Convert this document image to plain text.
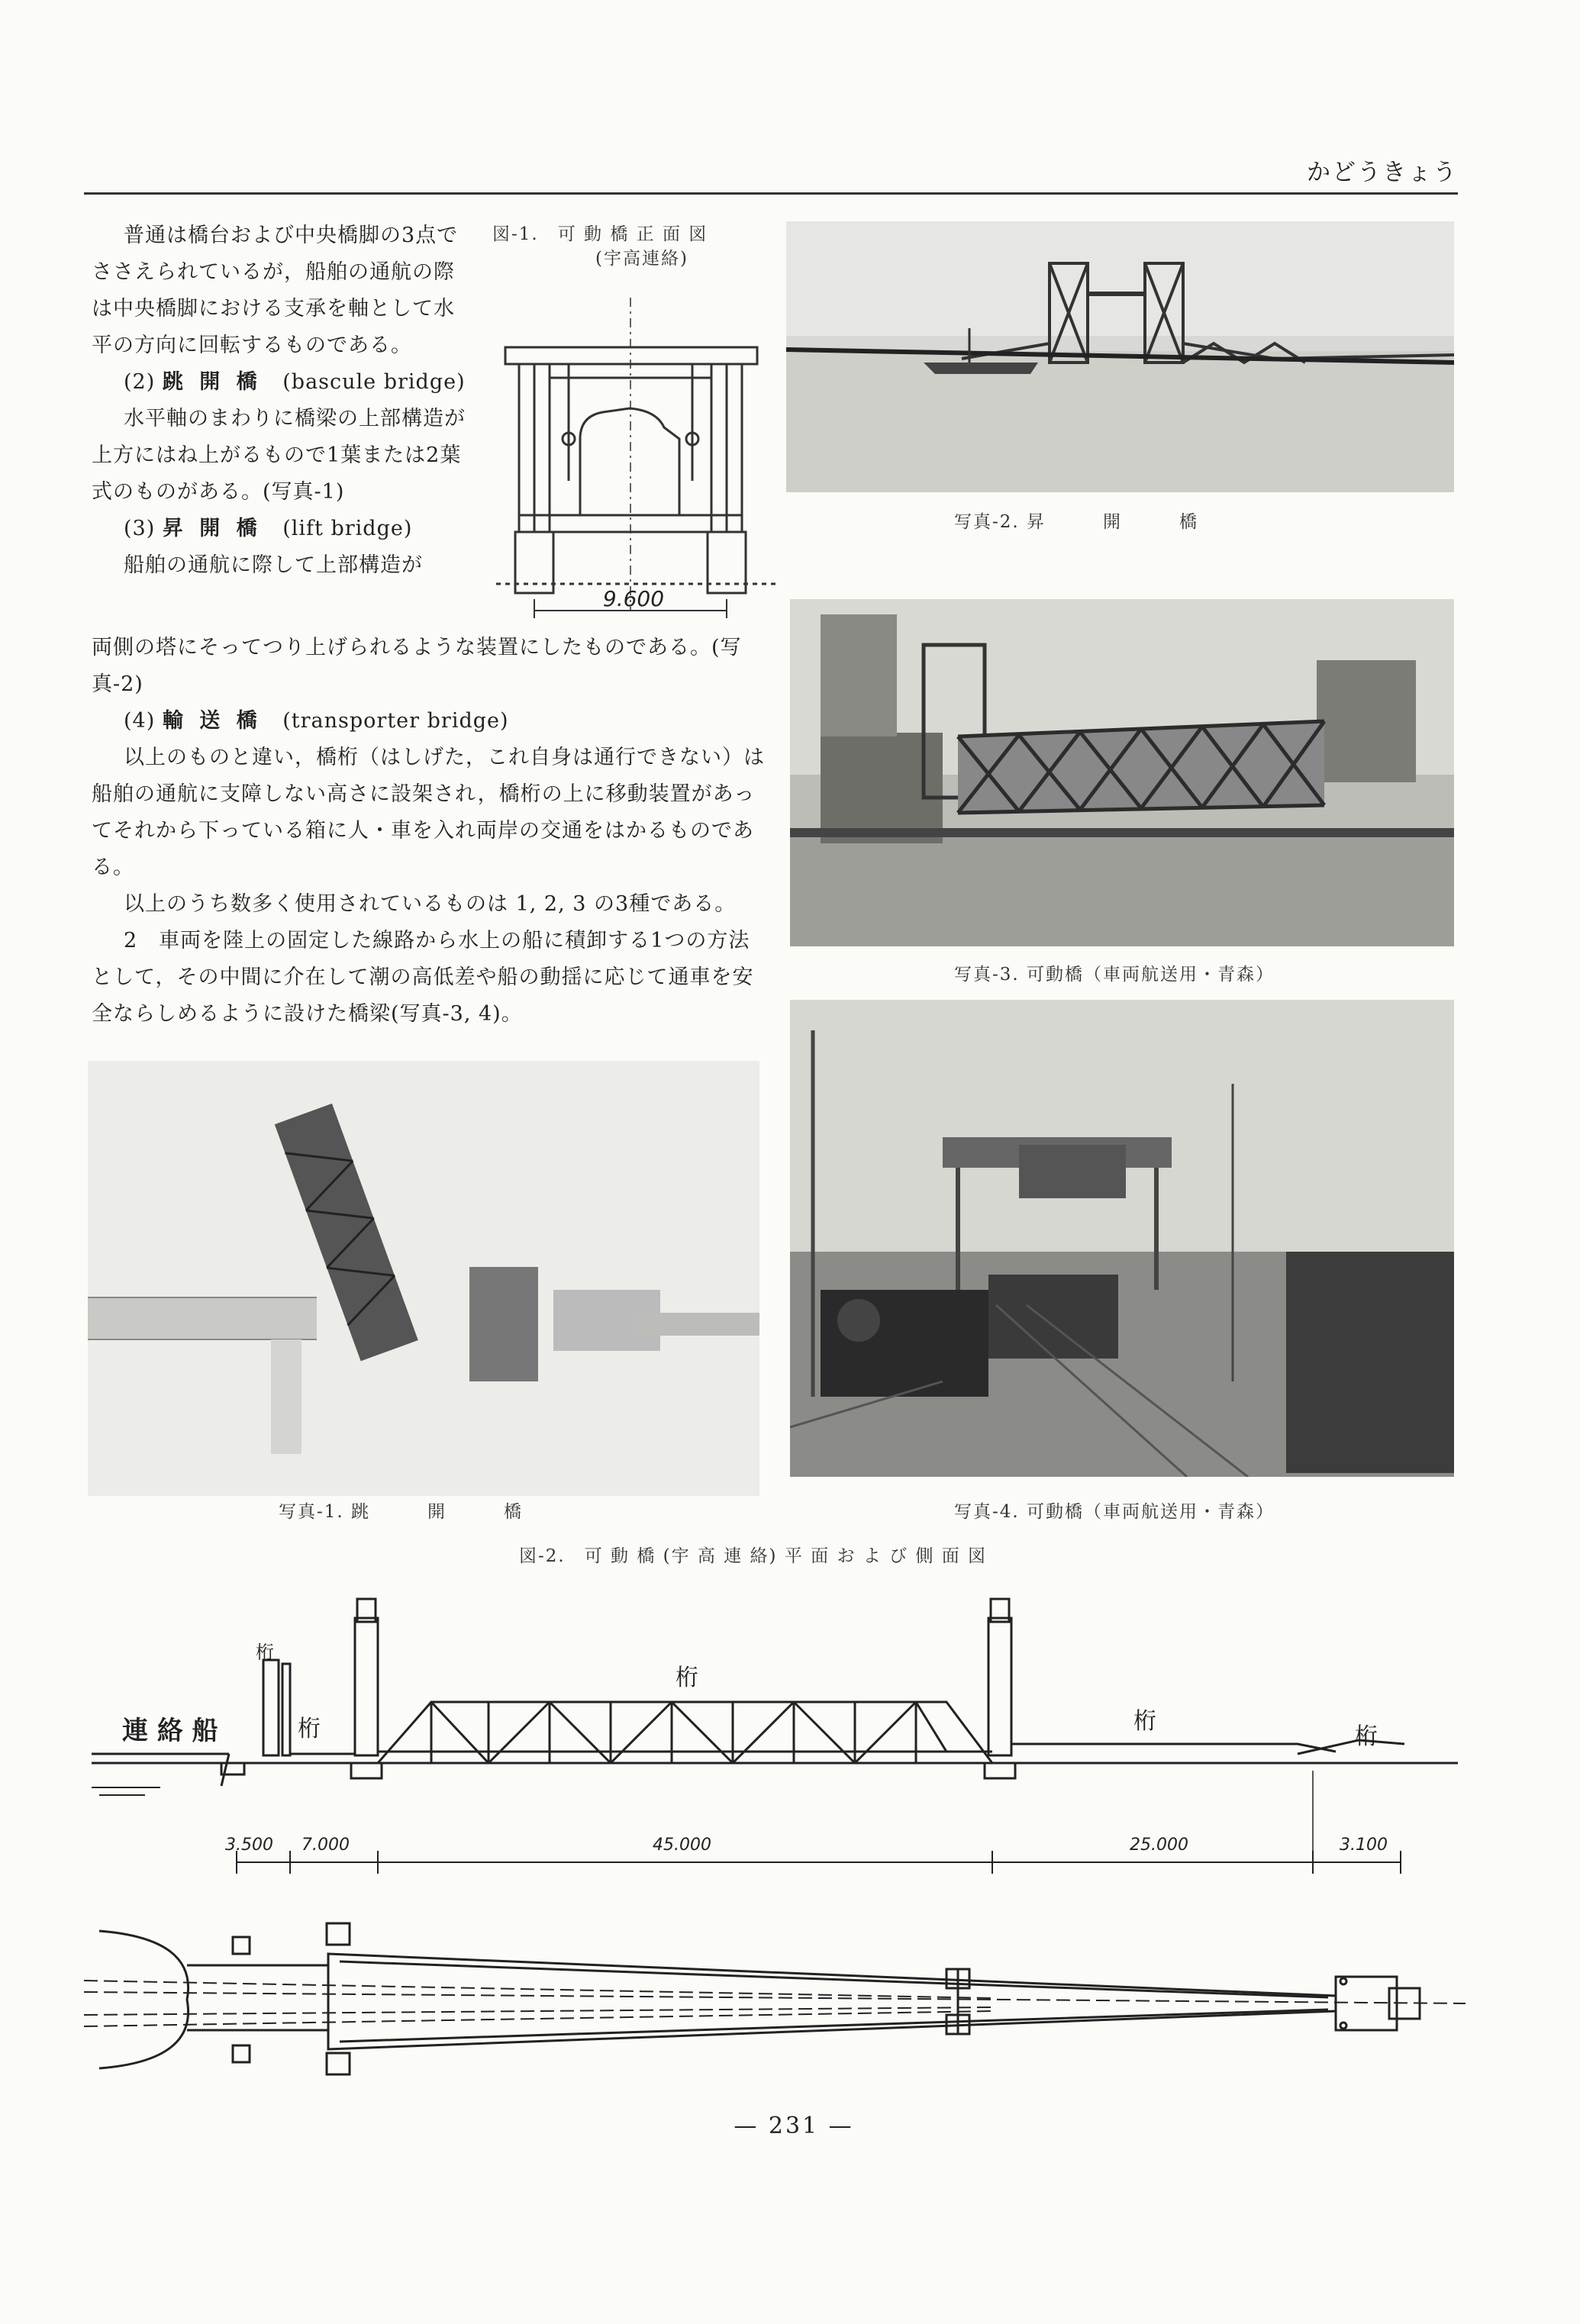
かどうきょう

普通は橋台および中央橋脚の3点でささえられているが，船舶の通航の際は中央橋脚における支承を軸として水平の方向に回転するものである。

(2) 跳 開 橋 (bascule bridge)

水平軸のまわりに橋梁の上部構造が上方にはね上がるもので1葉または2葉式のものがある。(写真-1)

(3) 昇 開 橋 (lift bridge)

船舶の通航に際して上部構造が

両側の塔にそってつり上げられるような装置にしたものである。(写真-2)

(4) 輸 送 橋 (transporter bridge)

以上のものと違い，橋桁（はしげた，これ自身は通行できない）は船舶の通航に支障しない高さに設架され，橋桁の上に移動装置があってそれから下っている箱に人・車を入れ両岸の交通をはかるものである。

以上のうち数多く使用されているものは 1, 2, 3 の3種である。

2　車両を陸上の固定した線路から水上の船に積卸する1つの方法として，その中間に介在して潮の高低差や船の動揺に応じて通車を安全ならしめるように設けた橋梁(写真-3, 4)。

図-1.　可 動 橋 正 面 図
(宇高連絡)
9.600
写真-2. 昇　　　開　　　橋
写真-3. 可動橋（車両航送用・青森）
写真-1. 跳　　　開　　　橋	写真-4. 可動橋（車両航送用・青森）
図-2.　可 動 橋 (宇 高 連 絡) 平 面 お よ び 側 面 図
連 絡 船
桁
桁
桁
桁
桁
3.500 7.000	45.000	25.000	3.100
— 231 —
